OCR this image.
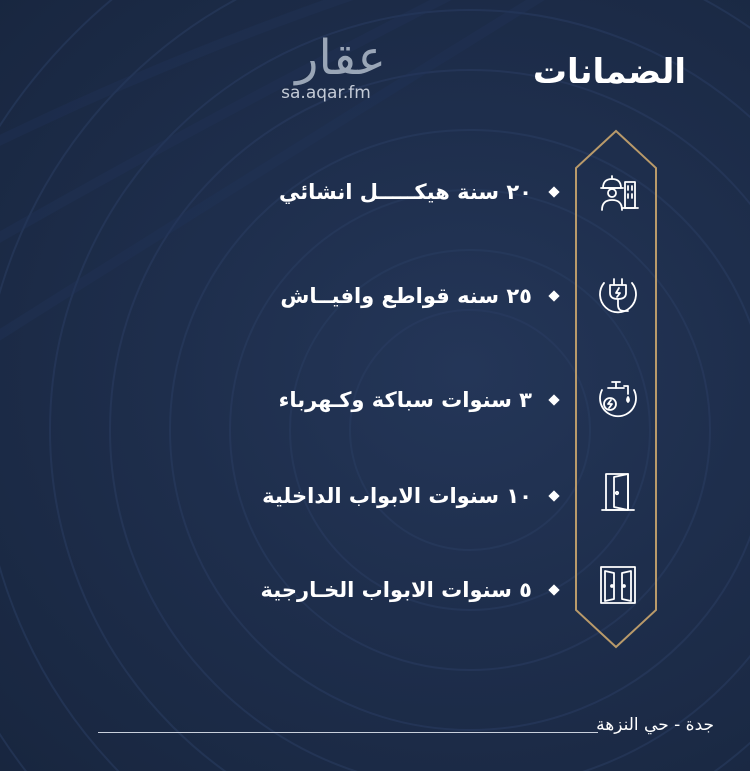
الضمانات
عقار
sa.aqar.fm
٢٠ سنة هيكـــــل انشائي
٢٥ سنه قواطع وافيــاش
٣ سنوات سباكة وكـهرباء
١٠ سنوات الابواب الداخلية
٥ سنوات الابواب الخـارجية
جدة - حي النزهة
